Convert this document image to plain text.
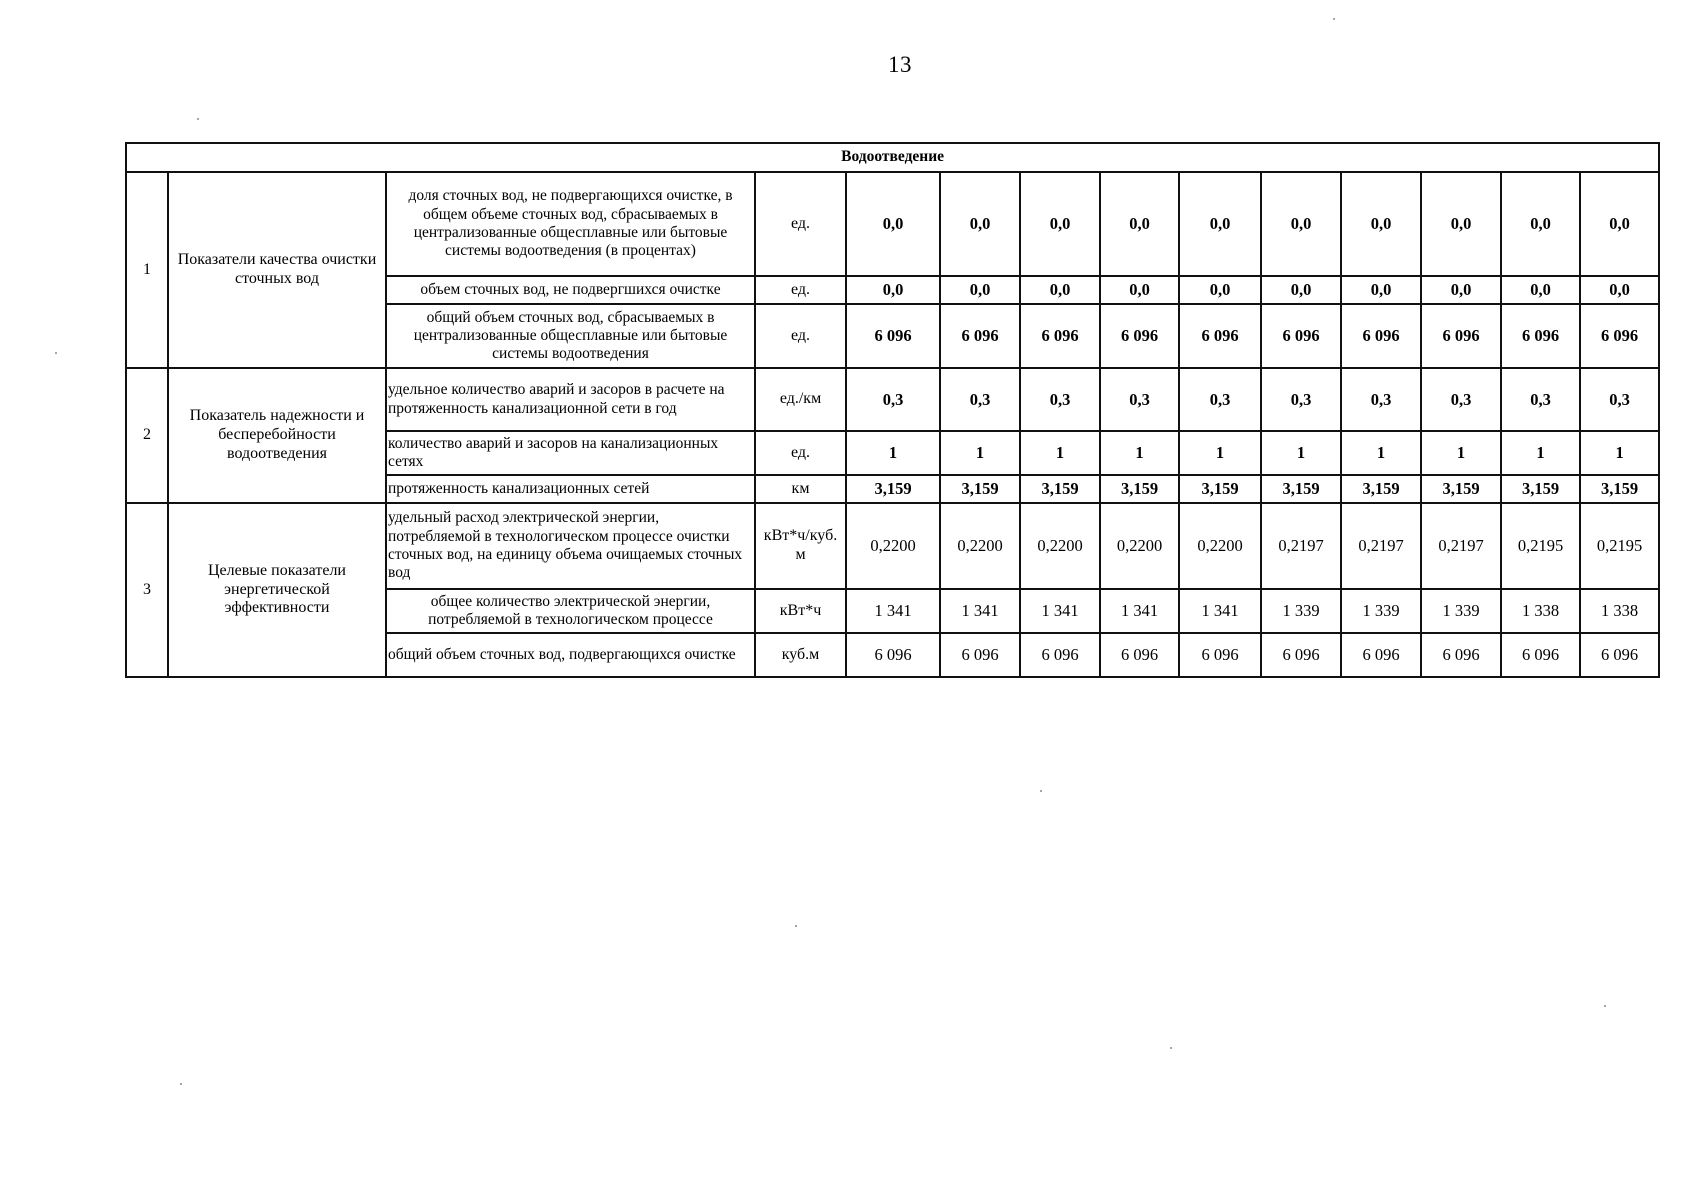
13
Водоотведение													
1	Показатели качества очистки сточных вод	доля сточных вод, не подвергающихся очистке, в общем объеме сточных вод, сбрасываемых в централизованные общесплавные или бытовые системы водоотведения (в процентах)	ед.	0,0	0,0	0,0	0,0	0,0	0,0	0,0	0,0	0,0	0,0
		объем сточных вод, не подвергшихся очистке	ед.	0,0	0,0	0,0	0,0	0,0	0,0	0,0	0,0	0,0	0,0
		общий объем сточных вод, сбрасываемых в централизованные общесплавные или бытовые системы водоотведения	ед.	6 096	6 096	6 096	6 096	6 096	6 096	6 096	6 096	6 096	6 096
2	Показатель надежности и бесперебойности водоотведения	удельное количество аварий и засоров в расчете на протяженность канализационной сети в год	ед./км	0,3	0,3	0,3	0,3	0,3	0,3	0,3	0,3	0,3	0,3
		количество аварий и засоров на канализационных сетях	ед.	1	1	1	1	1	1	1	1	1	1
		протяженность канализационных сетей	км	3,159	3,159	3,159	3,159	3,159	3,159	3,159	3,159	3,159	3,159
3	Целевые показатели энергетической эффективности	удельный расход электрической энергии, потребляемой в технологическом процессе очистки сточных вод, на единицу объема очищаемых сточных вод	кВт*ч/куб. м	0,2200	0,2200	0,2200	0,2200	0,2200	0,2197	0,2197	0,2197	0,2195	0,2195
		общее количество электрической энергии, потребляемой в технологическом процессе	кВт*ч	1 341	1 341	1 341	1 341	1 341	1 339	1 339	1 339	1 338	1 338
		общий объем сточных вод, подвергающихся очистке	куб.м	6 096	6 096	6 096	6 096	6 096	6 096	6 096	6 096	6 096	6 096
